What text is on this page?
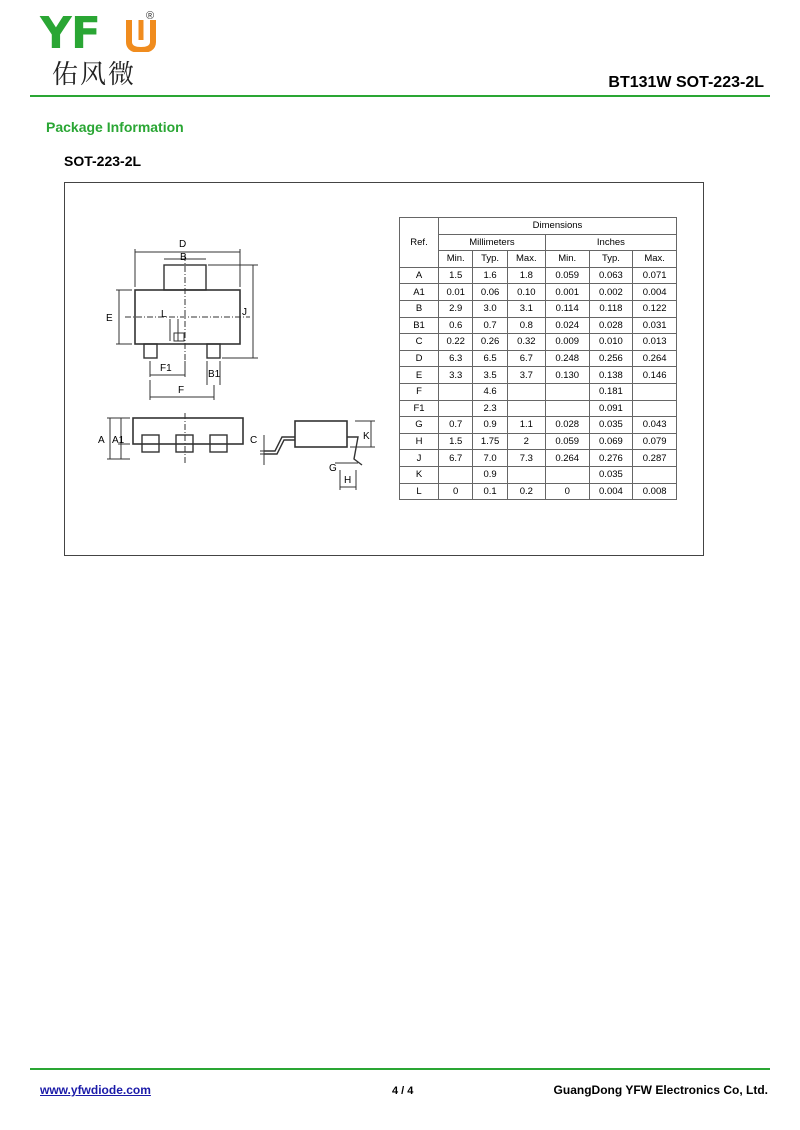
YF	®
佑风微	BT131W SOT-223-2L
Package Information
SOT-223-2L
D
B
E
J
L
F1
B1
F
A A1	C	K
G
H
Ref.	Dimensions					
	Millimeters			Inches		
	Min.	Typ.	Max.	Min.	Typ.	Max.
A	1.5	1.6	1.8	0.059	0.063	0.071
A1	0.01	0.06	0.10	0.001	0.002	0.004
B	2.9	3.0	3.1	0.114	0.118	0.122
B1	0.6	0.7	0.8	0.024	0.028	0.031
C	0.22	0.26	0.32	0.009	0.010	0.013
D	6.3	6.5	6.7	0.248	0.256	0.264
E	3.3	3.5	3.7	0.130	0.138	0.146
F		4.6			0.181	
F1		2.3			0.091	
G	0.7	0.9	1.1	0.028	0.035	0.043
H	1.5	1.75	2	0.059	0.069	0.079
J	6.7	7.0	7.3	0.264	0.276	0.287
K		0.9			0.035	
L	0	0.1	0.2	0	0.004	0.008
www.yfwdiode.com	4 / 4	GuangDong YFW Electronics Co, Ltd.
